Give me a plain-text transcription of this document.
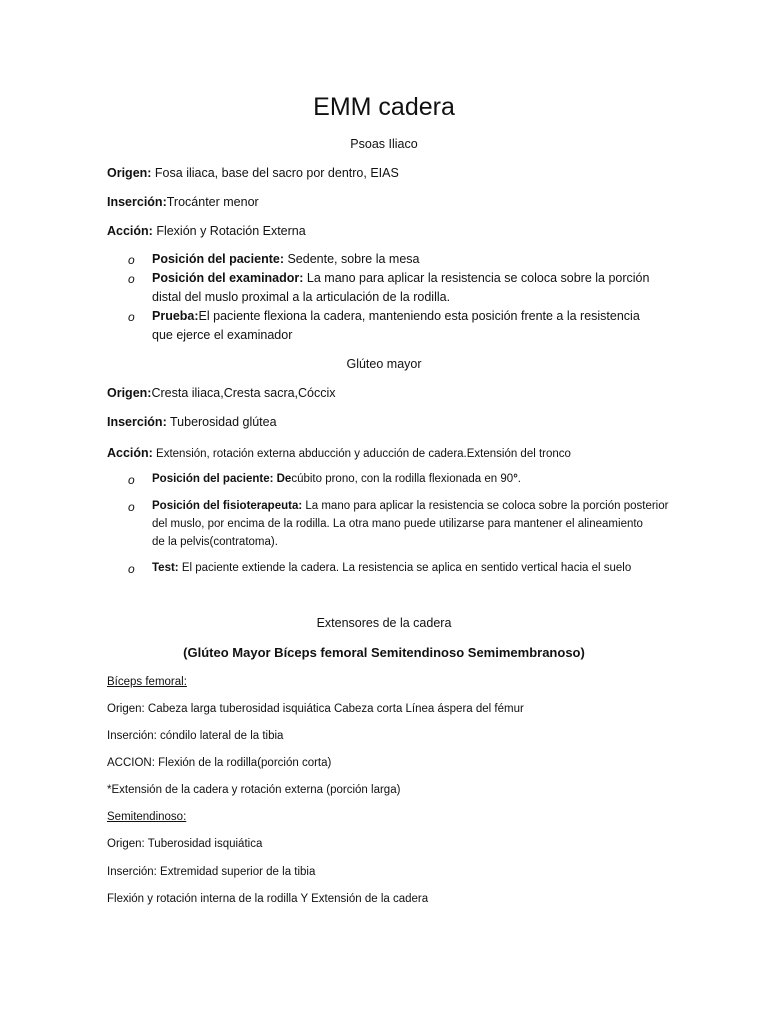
EMM cadera
Psoas Iliaco
Origen: Fosa iliaca, base del sacro por dentro, EIAS
Inserción:Trocánter menor
Acción: Flexión y Rotación Externa
o Posición del paciente: Sedente, sobre la mesa
o Posición del examinador: La mano para aplicar la resistencia se coloca sobre la porción
distal del muslo proximal a la articulación de la rodilla.
o Prueba:El paciente flexiona la cadera, manteniendo esta posición frente a la resistencia
que ejerce el examinador
Glúteo mayor
Origen:Cresta iliaca,Cresta sacra,Cóccix
Inserción: Tuberosidad glútea
Acción: Extensión, rotación externa abducción y aducción de cadera.Extensión del tronco
o Posición del paciente: Decúbito prono, con la rodilla flexionada en 90°.
o Posición del fisioterapeuta: La mano para aplicar la resistencia se coloca sobre la porción posterior
del muslo, por encima de la rodilla. La otra mano puede utilizarse para mantener el alineamiento
de la pelvis(contratoma).
o Test: El paciente extiende la cadera. La resistencia se aplica en sentido vertical hacia el suelo
Extensores de la cadera
(Glúteo Mayor Bíceps femoral Semitendinoso Semimembranoso)
Bíceps femoral:
Origen: Cabeza larga tuberosidad isquiática Cabeza corta Línea áspera del fémur
Inserción: cóndilo lateral de la tibia
ACCION: Flexión de la rodilla(porción corta)
*Extensión de la cadera y rotación externa (porción larga)
Semitendinoso:
Origen: Tuberosidad isquiática
Inserción: Extremidad superior de la tibia
Flexión y rotación interna de la rodilla Y Extensión de la cadera
